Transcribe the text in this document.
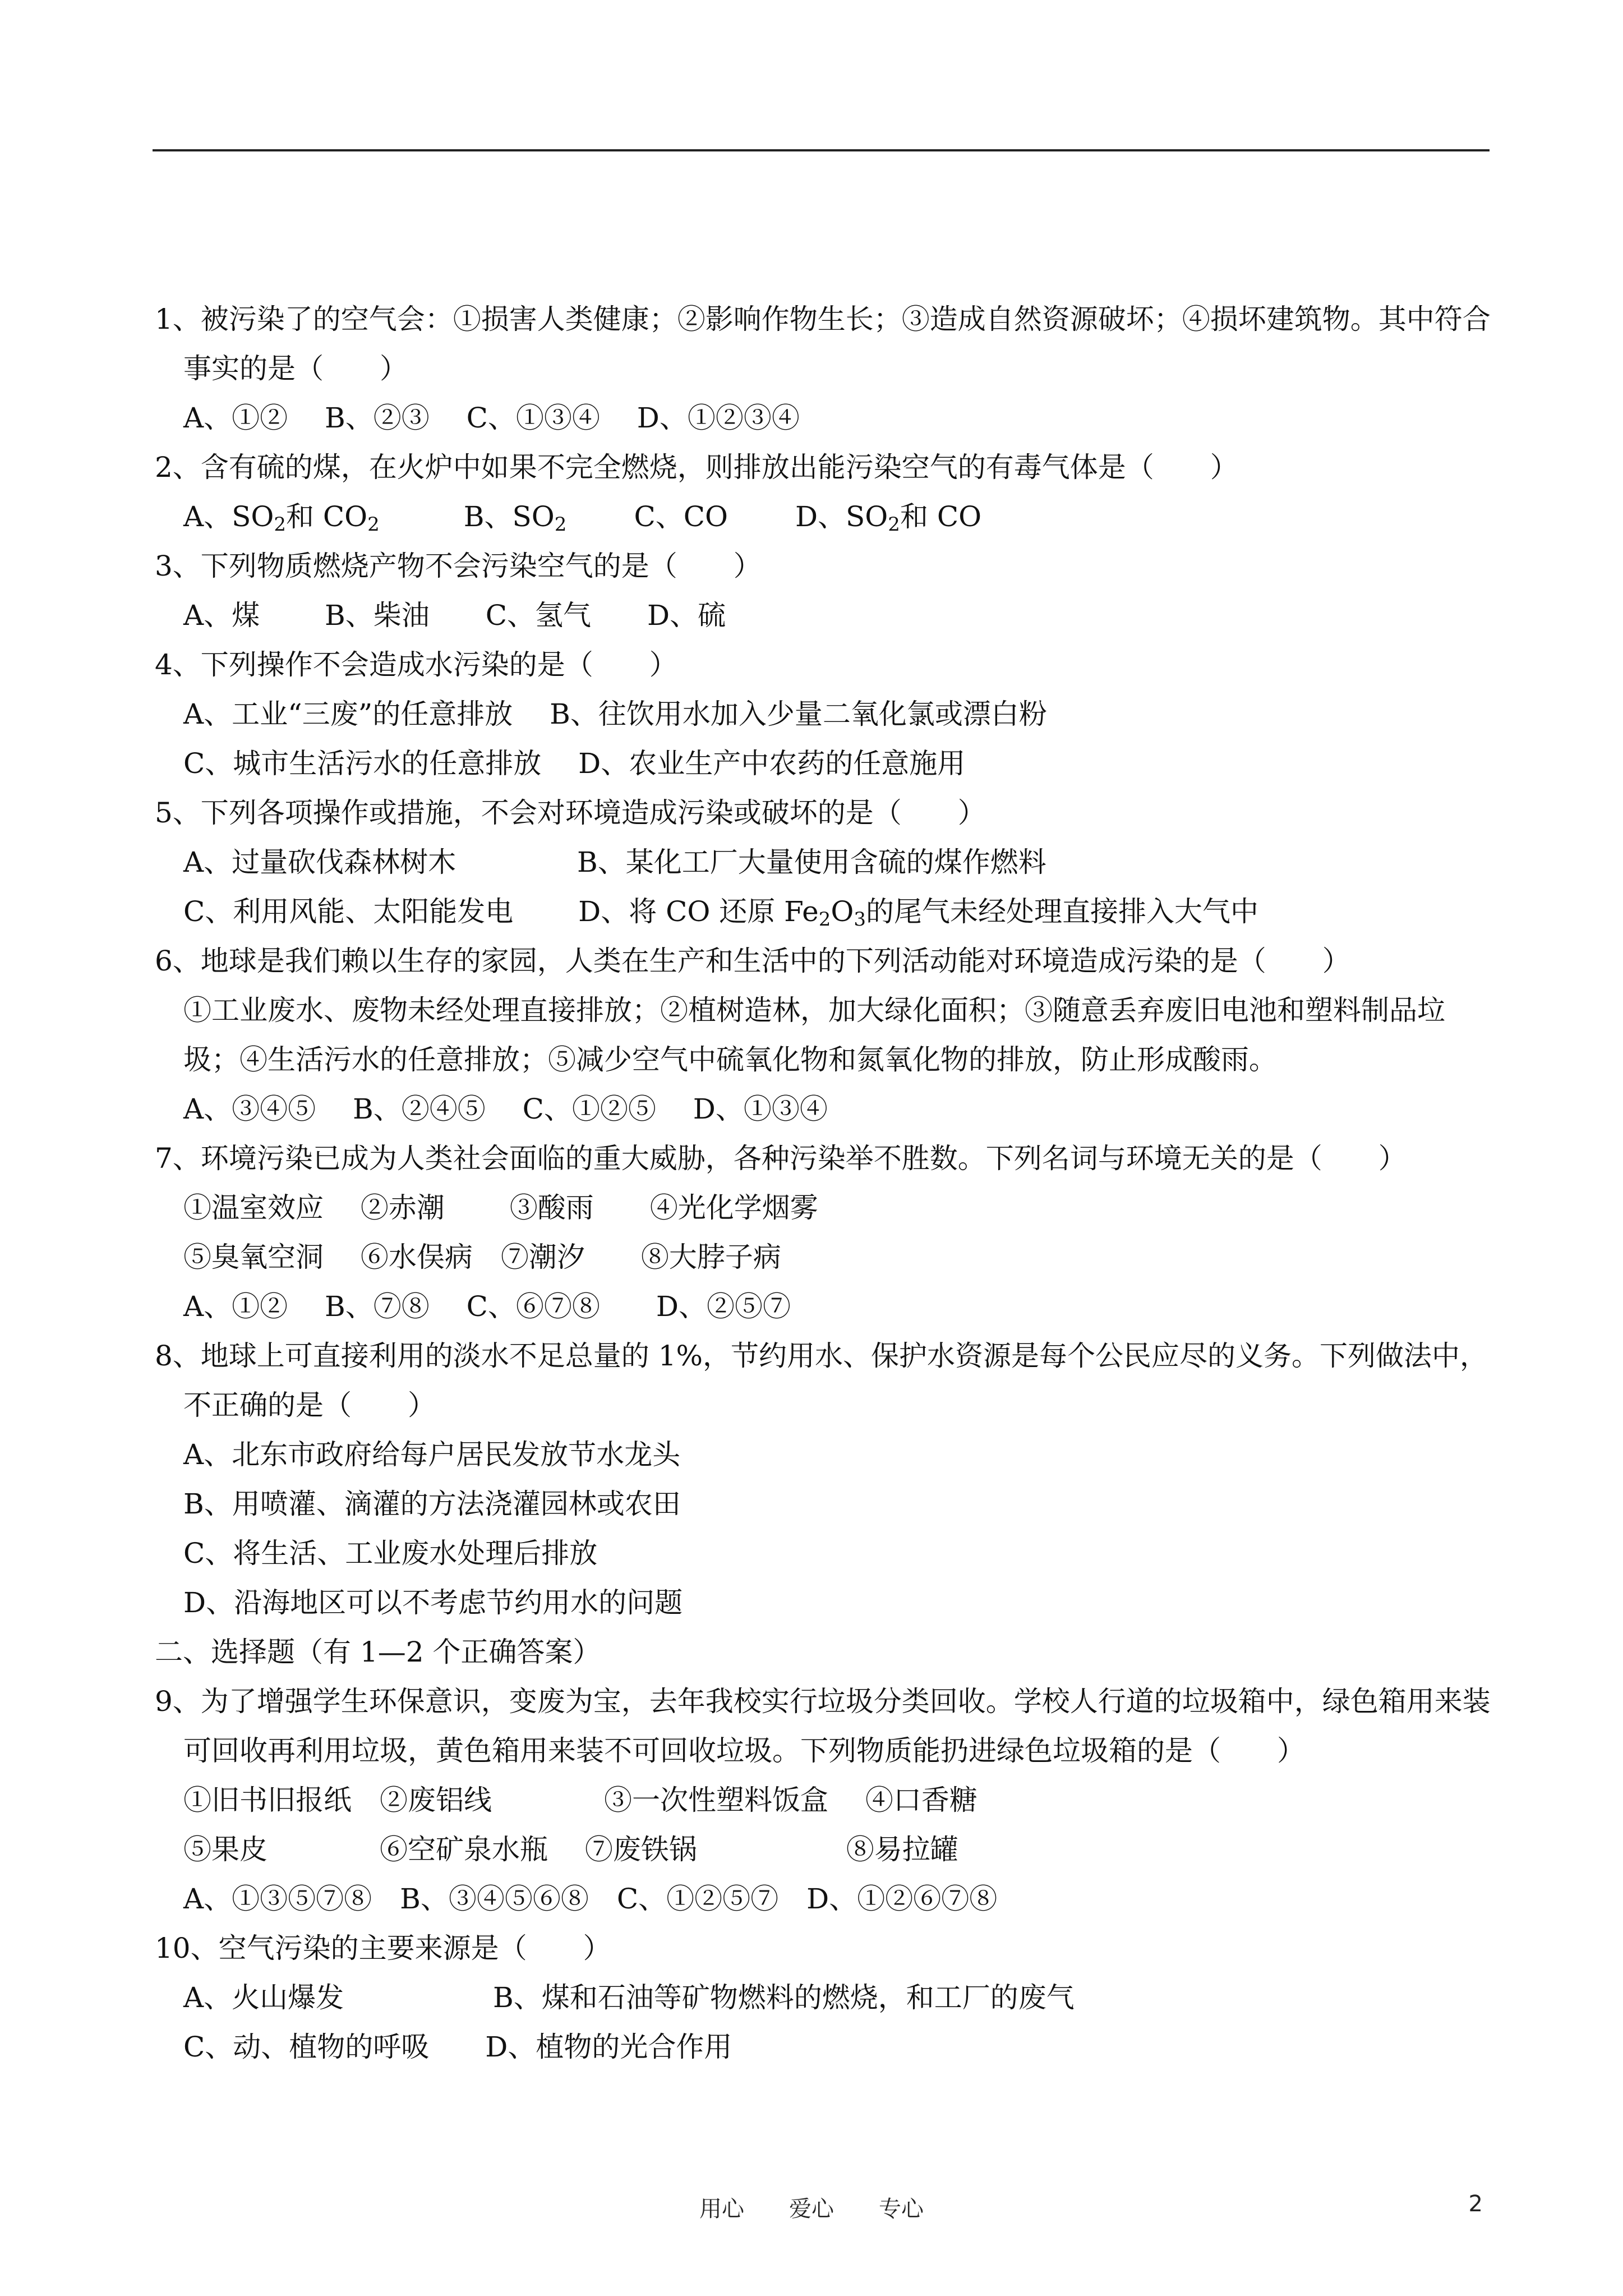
1、被污染了的空气会：①损害人类健康；②影响作物生长；③造成自然资源破坏；④损坏建筑物。其中符合事实的是（　　）

A、①②　 B、②③　 C、①③④　 D、①②③④

2、含有硫的煤，在火炉中如果不完全燃烧，则排放出能污染空气的有毒气体是（　　）

A、$SO_2$和 $CO_2$	B、$SO_2$ C、CO D、$SO_2$和 CO

3、下列物质燃烧产物不会污染空气的是（　　）

A、煤　　 B、柴油　　C、氢气　　D、硫

4、下列操作不会造成水污染的是（　　）

A、工业“三废”的任意排放　 B、往饮用水加入少量二氧化氯或漂白粉

C、城市生活污水的任意排放　 D、农业生产中农药的任意施用

5、下列各项操作或措施，不会对环境造成污染或破坏的是（　　）

A、过量砍伐森林树木　　　　 B、某化工厂大量使用含硫的煤作燃料

C、利用风能、太阳能发电　　 D、将 CO 还原 $Fe_2O_3$的尾气未经处理直接排入大气中

6、地球是我们赖以生存的家园，人类在生产和生活中的下列活动能对环境造成污染的是（　　）

①工业废水、废物未经处理直接排放；②植树造林，加大绿化面积；③随意丢弃废旧电池和塑料制品垃圾；④生活污水的任意排放；⑤减少空气中硫氧化物和氮氧化物的排放，防止形成酸雨。

A、③④⑤　 B、②④⑤　 C、①②⑤　 D、①③④

7、环境污染已成为人类社会面临的重大威胁，各种污染举不胜数。下列名词与环境无关的是（　　）

①温室效应　 ②赤潮　　 ③酸雨　　④光化学烟雾

⑤臭氧空洞　 ⑥水俣病　⑦潮汐　　⑧大脖子病

A、①②　 B、⑦⑧　 C、⑥⑦⑧　　D、②⑤⑦

8、地球上可直接利用的淡水不足总量的 1%，节约用水、保护水资源是每个公民应尽的义务。下列做法中，不正确的是（　　）

A、北东市政府给每户居民发放节水龙头

B、用喷灌、滴灌的方法浇灌园林或农田

C、将生活、工业废水处理后排放

D、沿海地区可以不考虑节约用水的问题

二、选择题（有 1—2 个正确答案）

9、为了增强学生环保意识，变废为宝，去年我校实行垃圾分类回收。学校人行道的垃圾箱中，绿色箱用来装可回收再利用垃圾，黄色箱用来装不可回收垃圾。下列物质能扔进绿色垃圾箱的是（　　）

①旧书旧报纸　②废铝线　　　　③一次性塑料饭盒　 ④口香糖

⑤果皮　　　　⑥空矿泉水瓶　 ⑦废铁锅　　　　　 ⑧易拉罐

A、①③⑤⑦⑧　B、③④⑤⑥⑧　C、①②⑤⑦　D、①②⑥⑦⑧

10、空气污染的主要来源是（　　）

A、火山爆发　　　　　 B、煤和石油等矿物燃料的燃烧，和工厂的废气

C、动、植物的呼吸　　D、植物的光合作用

用心　　爱心　　专心	2
